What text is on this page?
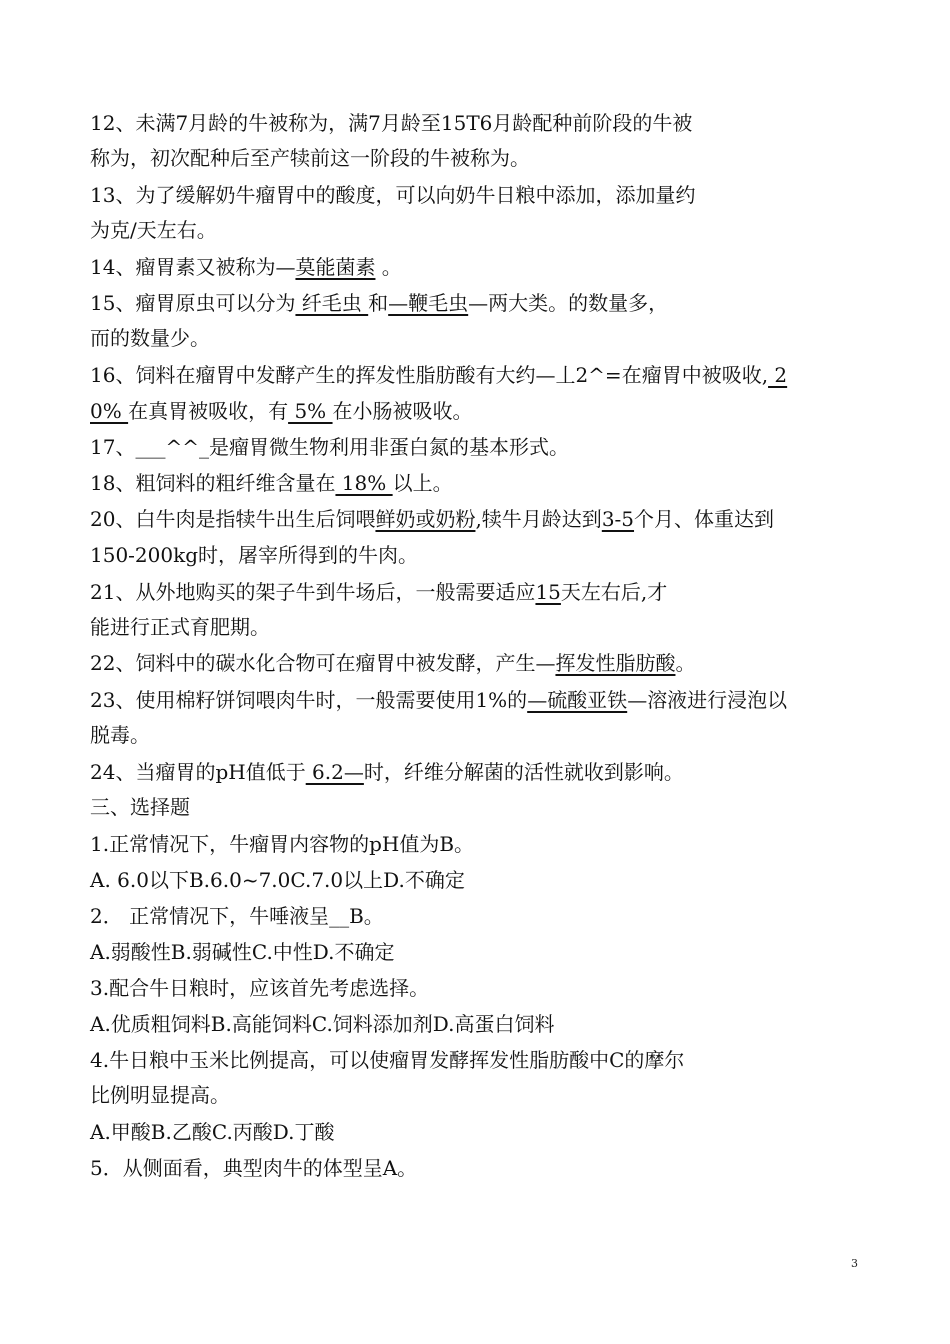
12、未满7月龄的牛被称为，满7月龄至15T6月龄配种前阶段的牛被
称为，初次配种后至产犊前这一阶段的牛被称为。
13、为了缓解奶牛瘤胃中的酸度，可以向奶牛日粮中添加，添加量约
为克/天左右。
14、瘤胃素又被称为—莫能菌素 。
15、瘤胃原虫可以分为 纤毛虫 和—鞭毛虫—两大类。的数量多，
而的数量少。
16、饲料在瘤胃中发酵产生的挥发性脂肪酸有大约—丄2^=在瘤胃中被吸收, 2
0% 在真胃被吸收，有 5% 在小肠被吸收。
17、___^^_是瘤胃微生物利用非蛋白氮的基本形式。
18、粗饲料的粗纤维含量在 18% 以上。
20、白牛肉是指犊牛出生后饲喂鲜奶或奶粉,犊牛月龄达到3-5个月、体重达到
150-200kg时，屠宰所得到的牛肉。
21、从外地购买的架子牛到牛场后，一般需要适应15天左右后,才
能进行正式育肥期。
22、饲料中的碳水化合物可在瘤胃中被发酵，产生—挥发性脂肪酸。
23、使用棉籽饼饲喂肉牛时，一般需要使用1%的—硫酸亚铁—溶液进行浸泡以
脱毒。
24、当瘤胃的pH值低于 6.2—时，纤维分解菌的活性就收到影响。
三、选择题
1.正常情况下，牛瘤胃内容物的pH值为B。
A. 6.0以下B.6.0~7.0C.7.0以上D.不确定
2． 正常情况下，牛唾液呈__B。
A.弱酸性B.弱碱性C.中性D.不确定
3.配合牛日粮时，应该首先考虑选择。
A.优质粗饲料B.高能饲料C.饲料添加剂D.高蛋白饲料
4.牛日粮中玉米比例提高，可以使瘤胃发酵挥发性脂肪酸中C的摩尔
比例明显提高。
A.甲酸B.乙酸C.丙酸D.丁酸
5．从侧面看，典型肉牛的体型呈A。
3
